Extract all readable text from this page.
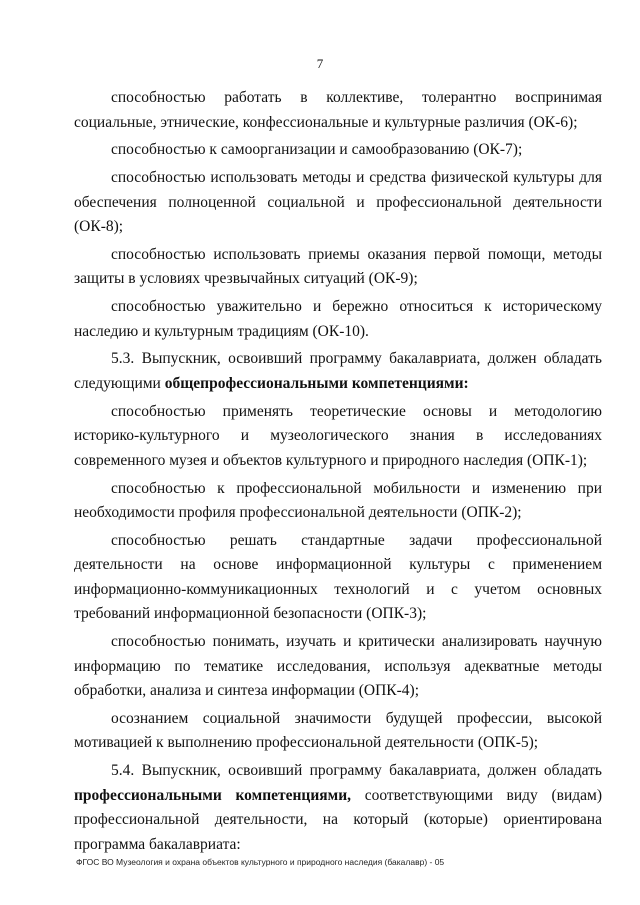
7

способностью работать в коллективе, толерантно воспринимая социальные, этнические, конфессиональные и культурные различия (ОК-6);

способностью к самоорганизации и самообразованию (ОК-7);

способностью использовать методы и средства физической культуры для обеспечения полноценной социальной и профессиональной деятельности (ОК-8);

способностью использовать приемы оказания первой помощи, методы защиты в условиях чрезвычайных ситуаций (ОК-9);

способностью уважительно и бережно относиться к историческому наследию и культурным традициям (ОК-10).

5.3. Выпускник, освоивший программу бакалавриата, должен обладать следующими общепрофессиональными компетенциями:

способностью применять теоретические основы и методологию историко-культурного и музеологического знания в исследованиях современного музея и объектов культурного и природного наследия (ОПК-1);

способностью к профессиональной мобильности и изменению при необходимости профиля профессиональной деятельности (ОПК-2);

способностью решать стандартные задачи профессиональной деятельности на основе информационной культуры с применением информационно-коммуникационных технологий и с учетом основных требований информационной безопасности (ОПК-3);

способностью понимать, изучать и критически анализировать научную информацию по тематике исследования, используя адекватные методы обработки, анализа и синтеза информации (ОПК-4);

осознанием социальной значимости будущей профессии, высокой мотивацией к выполнению профессиональной деятельности (ОПК-5);

5.4. Выпускник, освоивший программу бакалавриата, должен обладать профессиональными компетенциями, соответствующими виду (видам) профессиональной деятельности, на который (которые) ориентирована программа бакалавриата:

ФГОС ВО Музеология и охрана объектов культурного и природного наследия (бакалавр) - 05
